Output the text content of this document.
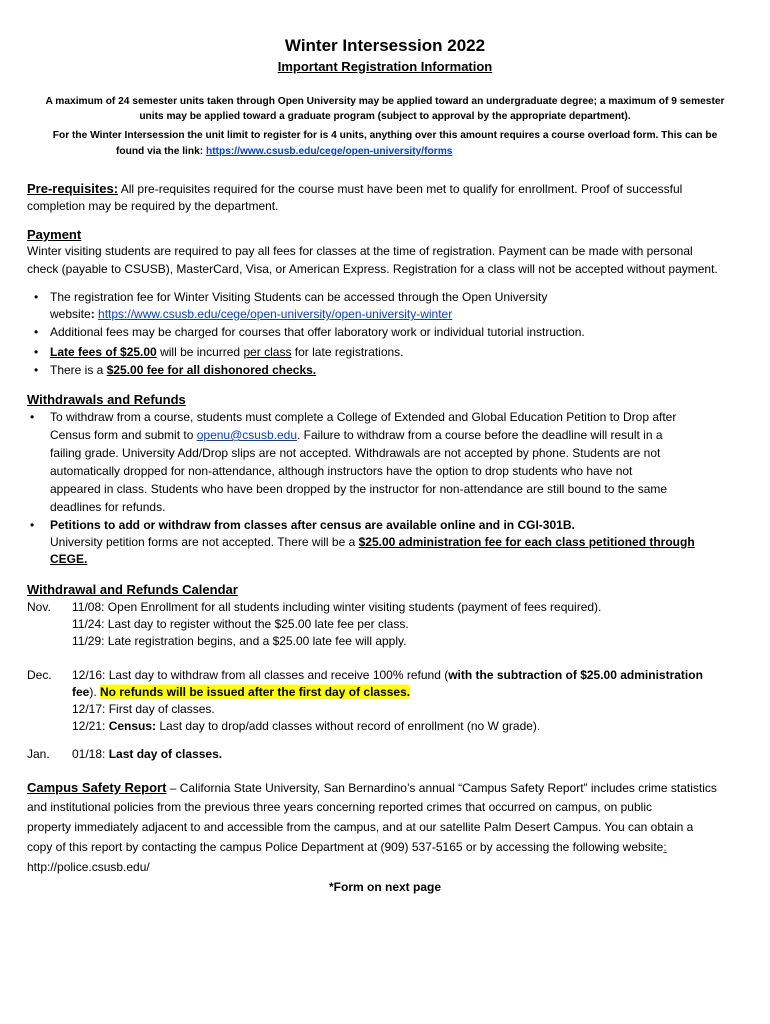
Winter Intersession 2022
Important Registration Information
A maximum of 24 semester units taken through Open University may be applied toward an undergraduate degree; a maximum of 9 semester
units may be applied toward a graduate program (subject to approval by the appropriate department).
For the Winter Intersession the unit limit to register for is 4 units, anything over this amount requires a course overload form. This can be
found via the link: https://www.csusb.edu/cege/open-university/forms
Pre-requisites: All pre-requisites required for the course must have been met to qualify for enrollment. Proof of successful
completion may be required by the department.
Payment
Winter visiting students are required to pay all fees for classes at the time of registration. Payment can be made with personal
check (payable to CSUSB), MasterCard, Visa, or American Express. Registration for a class will not be accepted without payment.
• The registration fee for Winter Visiting Students can be accessed through the Open University
website: https://www.csusb.edu/cege/open-university/open-university-winter
• Additional fees may be charged for courses that offer laboratory work or individual tutorial instruction.
• Late fees of $25.00 will be incurred per class for late registrations.
• There is a $25.00 fee for all dishonored checks.
Withdrawals and Refunds
• To withdraw from a course, students must complete a College of Extended and Global Education Petition to Drop after
Census form and submit to openu@csusb.edu. Failure to withdraw from a course before the deadline will result in a
failing grade. University Add/Drop slips are not accepted. Withdrawals are not accepted by phone. Students are not
automatically dropped for non-attendance, although instructors have the option to drop students who have not
appeared in class. Students who have been dropped by the instructor for non-attendance are still bound to the same
deadlines for refunds.
• Petitions to add or withdraw from classes after census are available online and in CGI-301B.
University petition forms are not accepted. There will be a $25.00 administration fee for each class petitioned through
CEGE.
Withdrawal and Refunds Calendar
Nov. 11/08: Open Enrollment for all students including winter visiting students (payment of fees required).
11/24: Last day to register without the $25.00 late fee per class.
11/29: Late registration begins, and a $25.00 late fee will apply.
Dec. 12/16: Last day to withdraw from all classes and receive 100% refund (with the subtraction of $25.00 administration
fee). No refunds will be issued after the first day of classes.
12/17: First day of classes.
12/21: Census: Last day to drop/add classes without record of enrollment (no W grade).
Jan. 01/18: Last day of classes.
Campus Safety Report – California State University, San Bernardino’s annual “Campus Safety Report” includes crime statistics
and institutional policies from the previous three years concerning reported crimes that occurred on campus, on public
property immediately adjacent to and accessible from the campus, and at our satellite Palm Desert Campus. You can obtain a
copy of this report by contacting the campus Police Department at (909) 537-5165 or by accessing the following website:
http://police.csusb.edu/
*Form on next page
